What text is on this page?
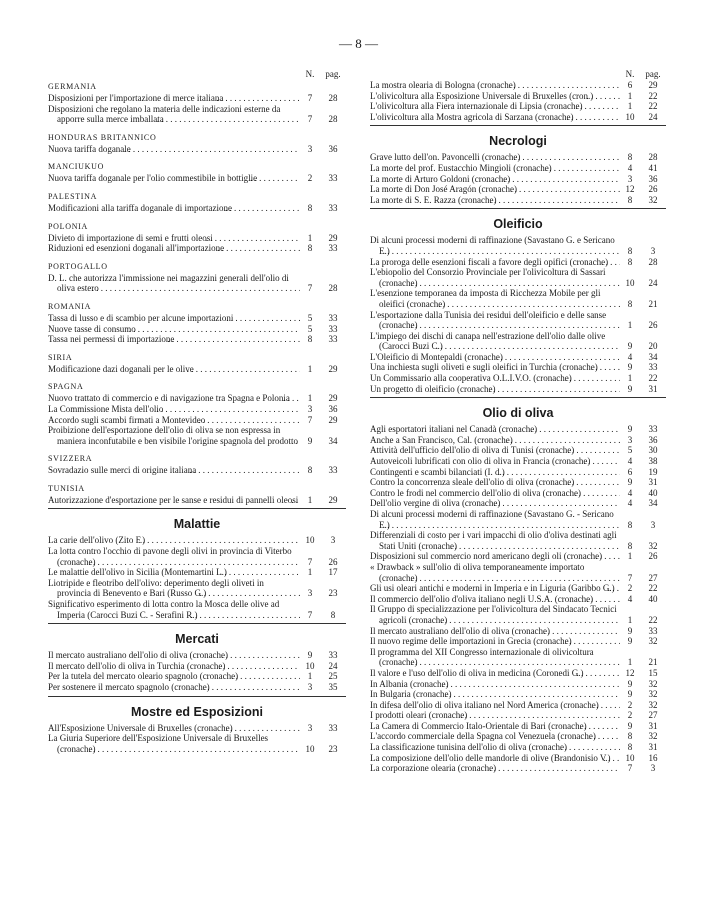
— 8 —
N.	pag.
GERMANIA
Disposizioni per l'importazione di merce italiana . . .	7	28
Disposizioni che regolano la materia delle indicazioni esterne da apporre sulla merce imballata . . .	7	28
HONDURAS BRITANNICO
Nuova tariffa doganale . . .	3	36
MANCIUKUO
Nuova tariffa doganale per l'olio commestibile in bottiglie . . .	2	33
PALESTINA
Modificazioni alla tariffa doganale di importazione . . .	8	33
POLONIA
Divieto di importazione di semi e frutti oleosi . . .	1	29
Riduzioni ed esenzioni doganali all'importazione . . .	8	33
PORTOGALLO
D. L. che autorizza l'immissione nei magazzini generali dell'olio di oliva estero . . .	7	28
ROMANIA
Tassa di lusso e di scambio per alcune importazioni . . .	5	33
Nuove tasse di consumo . . .	5	33
Tassa nei permessi di importazione . . .	8	33
SIRIA
Modificazione dazi doganali per le olive . . .	1	29
SPAGNA
Nuovo trattato di commercio e di navigazione tra Spagna e Polonia . . .	1	29
La Commissione Mista dell'olio . . .	3	36
Accordo sugli scambi firmati a Montevideo . . .	7	29
Proibizione dell'esportazione dell'olio di oliva se non espressa in maniera inconfutabile e ben visibile l'origine spagnola del prodotto . . .	9	34
SVIZZERA
Sovradazio sulle merci di origine italiana . . .	8	33
TUNISIA
Autorizzazione d'esportazione per le sanse e residui di pannelli oleosi . . .	1	29
Malattie
La carie dell'olivo (Zito F.) . . .	10	3
La lotta contro l'occhio di pavone degli olivi in provincia di Viterbo (cronache) . . .	7	26
Le malattie dell'olivo in Sicilia (Montemartini L.) . . .	1	17
Liotripide e fleotribo dell'olivo: deperimento degli oliveti in provincia di Benevento e Bari (Russo G.) . . .	3	23
Significativo esperimento di lotta contro la Mosca delle olive ad Imperia (Carocci Buzi C. - Serafini R.) . . .	7	8
Mercati
Il mercato australiano dell'olio di oliva (cronache) . . .	9	33
Il mercato dell'olio di oliva in Turchia (cronache) . . .	10	24
Per la tutela del mercato oleario spagnolo (cronache) . . .	1	25
Per sostenere il mercato spagnolo (cronache) . . .	3	35
Mostre ed Esposizioni
All'Esposizione Universale di Bruxelles (cronache) . . .	3	33
La Giuria Superiore dell'Esposizione Universale di Bruxelles (cronache) . . .	10	23
N.	pag.
La mostra olearia di Bologna (cronache) . . .	6	29
L'olivicoltura alla Esposizione Universale di Bruxelles (cron.) . . .	1	22
L'olivicoltura alla Fiera internazionale di Lipsia (cronache) . . .	1	22
L'olivicoltura alla Mostra agricola di Sarzana (cronache) . . .	10	24
Necrologi
Grave lutto dell'on. Pavoncelli (cronache) . . .	8	28
La morte del prof. Eustacchio Mingioli (cronache) . . .	4	41
La morte di Arturo Goldoni (cronache) . . .	3	36
La morte di Don José Aragón (cronache) . . .	12	26
La morte di S. E. Razza (cronache) . . .	8	32
Oleificio
Di alcuni processi moderni di raffinazione (Savastano G. e Sericano E.) . . .	8	3
La proroga delle esenzioni fiscali a favore degli opifici (cronache) . . .	8	28
L'ebiopolio del Consorzio Provinciale per l'olivicoltura di Sassari (cronache) . . .	10	24
L'esenzione temporanea da imposta di Ricchezza Mobile per gli oleifici (cronache) . . .	8	21
L'esportazione dalla Tunisia dei residui dell'oleificio e delle sanse (cronache) . . .	1	26
L'impiego dei dischi di canapa nell'estrazione dell'olio dalle olive (Carocci Buzi C.) . . .	9	20
L'Oleificio di Montepaldi (cronache) . . .	4	34
Una inchiesta sugli oliveti e sugli oleifici in Turchia (cronache) . . .	9	33
Un Commissario alla cooperativa O.L.I.V.O. (cronache) . . .	1	22
Un progetto di oleificio (cronache) . . .	9	31
Olio di oliva
Agli esportatori italiani nel Canadà (cronache) . . .	9	33
Anche a San Francisco, Cal. (cronache) . . .	3	36
Attività dell'ufficio dell'olio di oliva di Tunisi (cronache) . . .	5	30
Autoveicoli lubrificati con olio di oliva in Francia (cronache) . . .	4	38
Contingenti e scambi bilanciati (I. d.) . . .	6	19
Contro la concorrenza sleale dell'olio di oliva (cronache) . . .	9	31
Contro le frodi nel commercio dell'olio di oliva (cronache) . . .	4	40
Dell'olio vergine di oliva (cronache) . . .	4	34
Di alcuni processi moderni di raffinazione (Savastano G. - Sericano E.) . . .	8	3
Differenziali di costo per i vari impacchi di olio d'oliva destinati agli Stati Uniti (cronache) . . .	8	32
Disposizioni sul commercio nord americano degli oli (cronache) . . .	1	26
« Drawback » sull'olio di oliva temporaneamente importato (cronache) . . .	7	27
Gli usi oleari antichi e moderni in Imperia e in Liguria (Garibbo G.) . . .	2	22
Il commercio dell'olio d'oliva italiano negli U.S.A. (cronache) . . .	4	40
Il Gruppo di specializzazione per l'olivicoltura del Sindacato Tecnici agricoli (cronache) . . .	1	22
Il mercato australiano dell'olio di oliva (cronache) . . .	9	33
Il nuovo regime delle importazioni in Grecia (cronache) . . .	9	32
Il programma del XII Congresso internazionale di olivicoltura (cronache) . . .	1	21
Il valore e l'uso dell'olio di oliva in medicina (Coronedi G.) . . .	12	15
In Albania (cronache) . . .	9	32
In Bulgaria (cronache) . . .	9	32
In difesa dell'olio di oliva italiano nel Nord America (cronache) . . .	2	32
I prodotti oleari (cronache) . . .	2	27
La Camera di Commercio Italo-Orientale di Bari (cronache) . . .	9	31
L'accordo commerciale della Spagna col Venezuela (cronache) . . .	8	32
La classificazione tunisina dell'olio di oliva (cronache) . . .	8	31
La composizione dell'olio delle mandorle di olive (Brandonisio V.) . . .	10	16
La corporazione olearia (cronache) . . .	7	3
